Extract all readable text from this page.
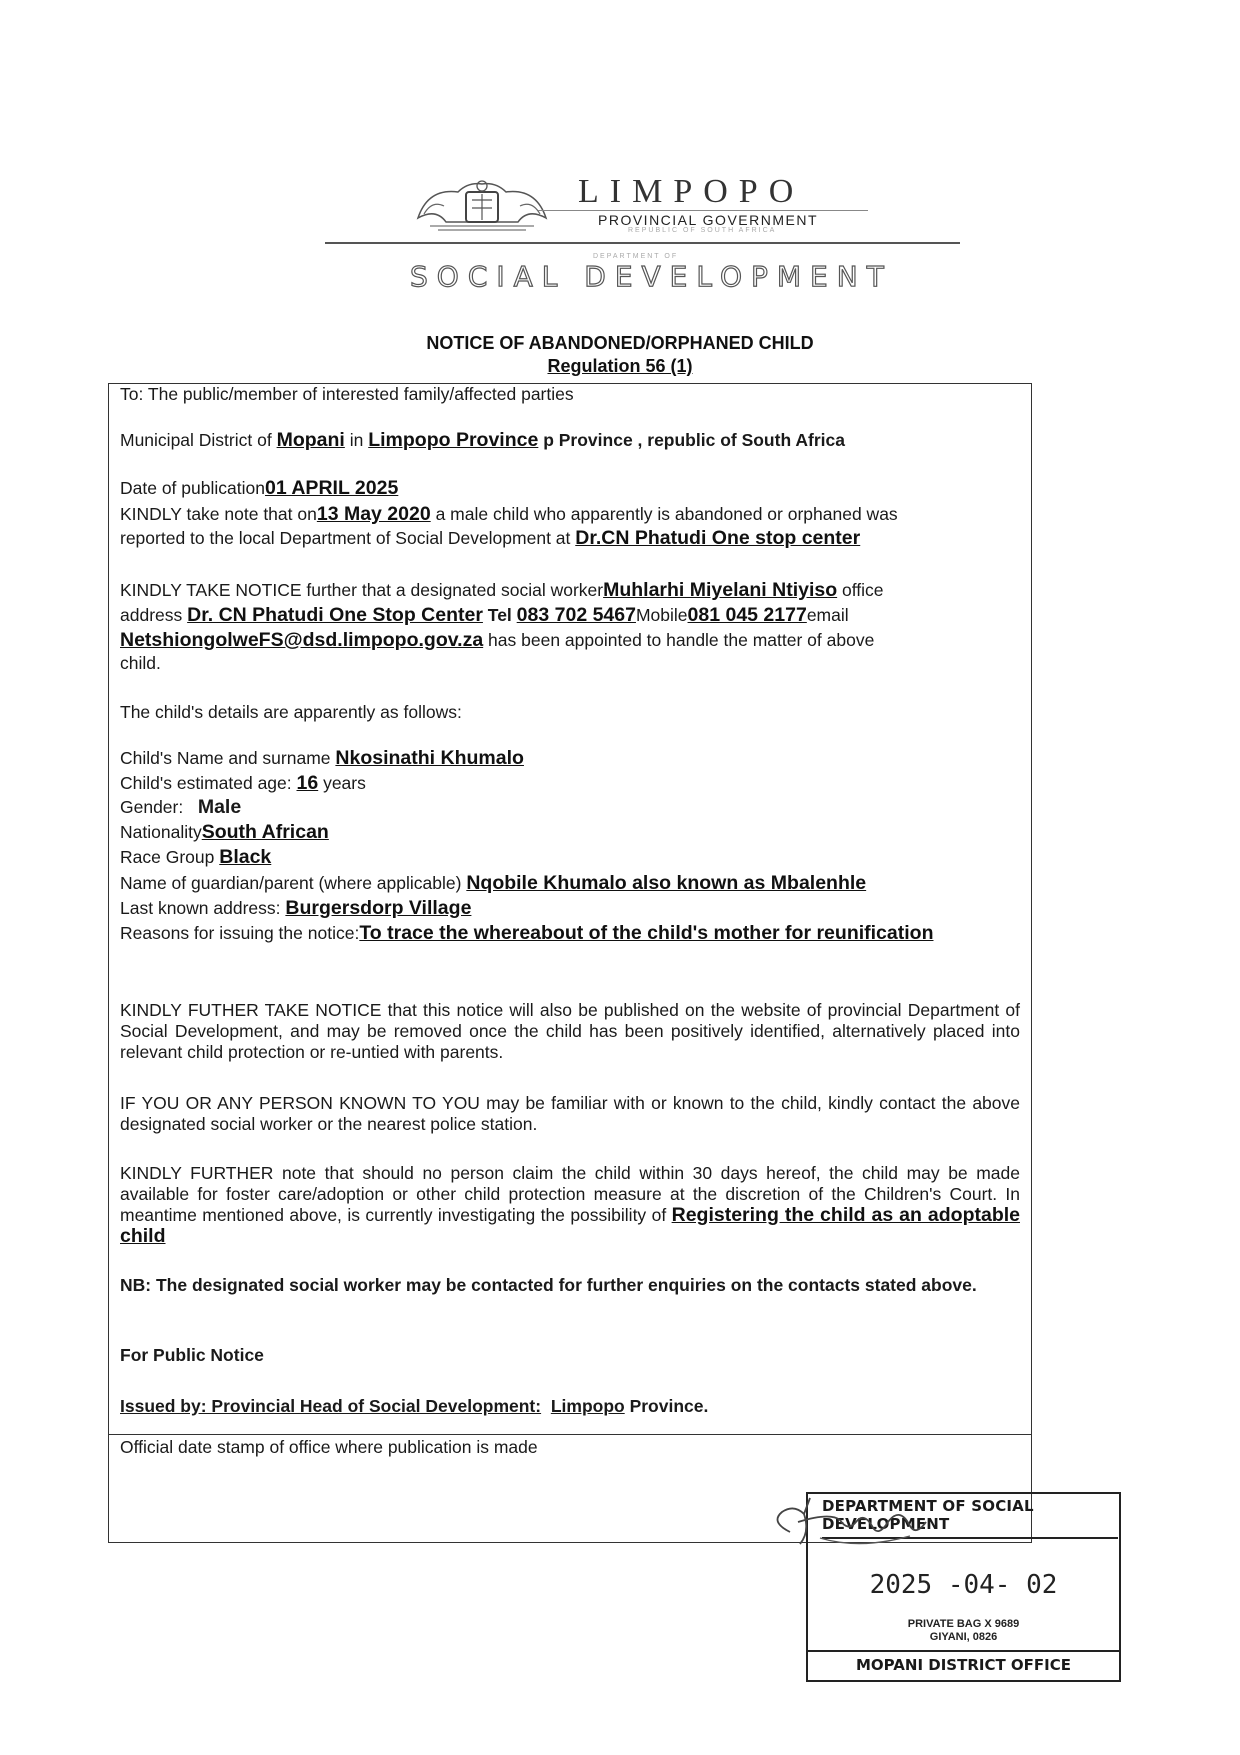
LIMPOPO
PROVINCIAL GOVERNMENT
REPUBLIC OF SOUTH AFRICA
DEPARTMENT OF
SOCIAL DEVELOPMENT
NOTICE OF ABANDONED/ORPHANED CHILD
Regulation 56 (1)
To: The public/member of interested family/affected parties
Municipal District of Mopani in Limpopo Province p Province , republic of South Africa
Date of publication01 APRIL 2025
KINDLY take note that on13 May 2020 a male child who apparently is abandoned or orphaned was
reported to the local Department of Social Development at Dr.CN Phatudi One stop center
KINDLY TAKE NOTICE further that a designated social workerMuhlarhi Miyelani Ntiyiso office
address Dr. CN Phatudi One Stop Center Tel 083 702 5467Mobile081 045 2177email
NetshiongolweFS@dsd.limpopo.gov.za has been appointed to handle the matter of above
child.
The child's details are apparently as follows:
Child's Name and surname Nkosinathi Khumalo
Child's estimated age: 16 years
Gender: Male
NationalitySouth African
Race Group Black
Name of guardian/parent (where applicable) Nqobile Khumalo also known as Mbalenhle
Last known address: Burgersdorp Village
Reasons for issuing the notice:To trace the whereabout of the child's mother for reunification
KINDLY FUTHER TAKE NOTICE that this notice will also be published on the website of provincial Department of Social Development, and may be removed once the child has been positively identified, alternatively placed into relevant child protection or re-untied with parents.
IF YOU OR ANY PERSON KNOWN TO YOU may be familiar with or known to the child, kindly contact the above designated social worker or the nearest police station.
KINDLY FURTHER note that should no person claim the child within 30 days hereof, the child may be made available for foster care/adoption or other child protection measure at the discretion of the Children's Court. In meantime mentioned above, is currently investigating the possibility of Registering the child as an adoptable child
NB: The designated social worker may be contacted for further enquiries on the contacts stated above.
For Public Notice
Issued by: Provincial Head of Social Development: Limpopo Province.
Official date stamp of office where publication is made
DEPARTMENT OF SOCIAL DEVELOPMENT
2025 -04- 02
PRIVATE BAG X 9689
GIYANI, 0826
MOPANI DISTRICT OFFICE
